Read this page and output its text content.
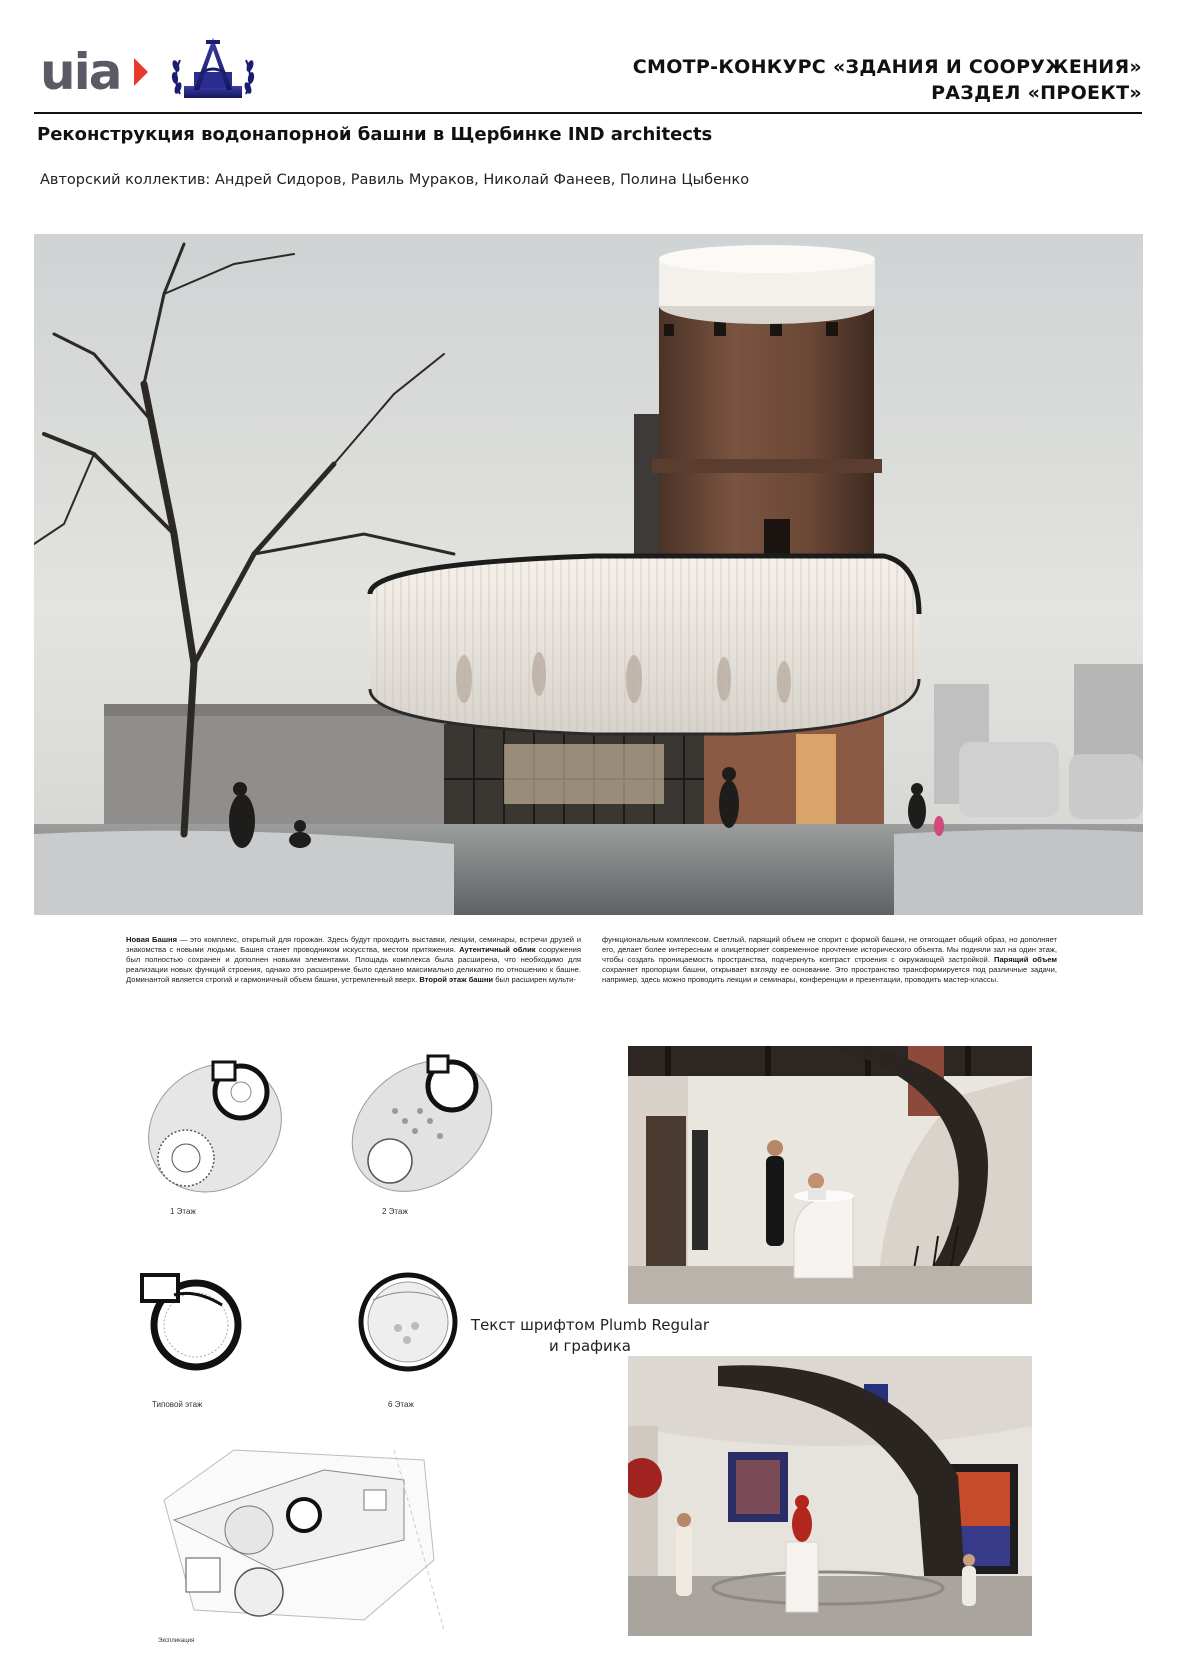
uia	СМОТР-КОНКУРС «ЗДАНИЯ И СООРУЖЕНИЯ»
РАЗДЕЛ «ПРОЕКТ»
Реконструкция водонапорной башни в Щербинке IND architects
Авторский коллектив: Андрей Сидоров, Равиль Мураков, Николай Фанеев, Полина Цыбенко
Новая Башня — это комплекс, открытый для горожан. Здесь будут проходить выставки, лекции, семинары, встречи друзей и знакомства с новыми людьми. Башня станет проводником искусства, местом притяжения. Аутентичный облик сооружения был полностью сохранен и дополнен новыми элементами. Площадь комплекса была расширена, что необходимо для реализации новых функций строения, однако это расширение было сделано максимально деликатно по отношению к башне. Доминантой является строгий и гармоничный объем башни, устремленный вверх. Второй этаж башни был расширен мульти-
функциональным комплексом. Светлый, парящий объем не спорит с формой башни, не отягощает общий образ, но дополняет его, делает более интересным и олицетворяет современное прочтение исторического объекта. Мы подняли зал на один этаж, чтобы создать проницаемость пространства, подчеркнуть контраст строения с окружающей застройкой. Парящий объем сохраняет пропорции башни, открывает взгляду ее основание. Это пространство трансформируется под различные задачи, например, здесь можно проводить лекции и семинары, конференции и презентации, проводить мастер-классы.
1 Этаж	2 Этаж
Типовой этаж	6 Этаж
Экспликация
Текст шрифтом Plumb Regular
и графика
